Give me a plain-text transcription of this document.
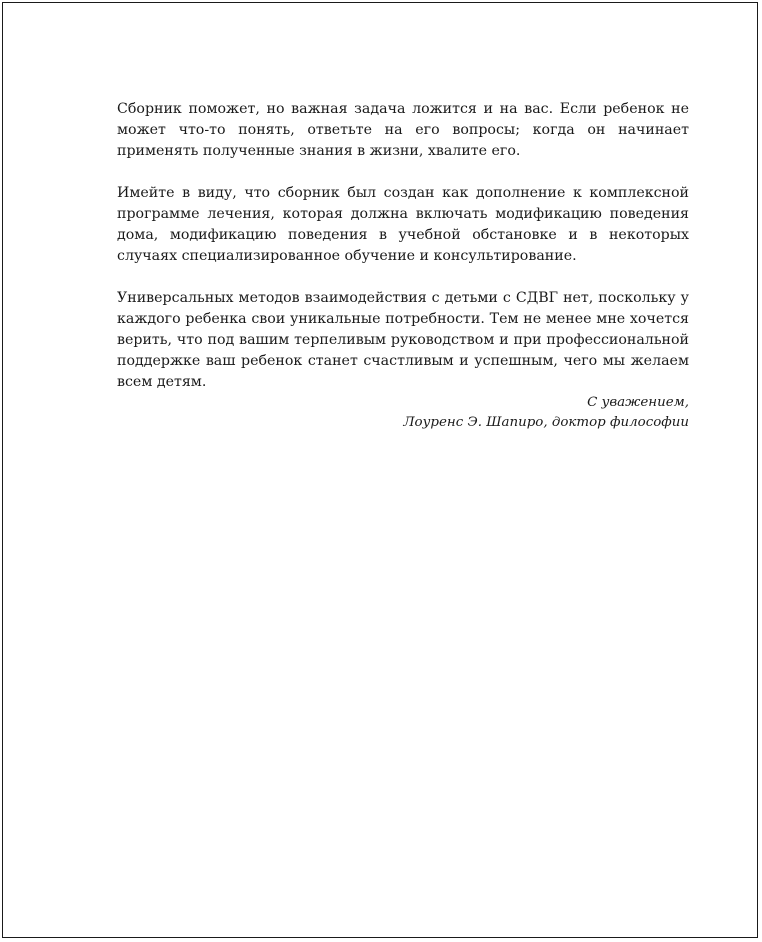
Сборник поможет, но важная задача ложится и на вас. Если ребенок не может что-то понять, ответьте на его вопросы; когда он начинает применять полученные знания в жизни, хвалите его.

Имейте в виду, что сборник был создан как дополнение к комплексной программе лечения, которая должна включать модификацию поведения дома, модификацию поведения в учебной обстановке и в некоторых случаях специализированное обучение и консультирование.

Универсальных методов взаимодействия с детьми с СДВГ нет, поскольку у каждого ребенка свои уникальные потребности. Тем не менее мне хочется верить, что под вашим терпеливым руководством и при профессиональной поддержке ваш ребенок станет счастливым и успешным, чего мы желаем всем детям.

С уважением,
Лоуренс Э. Шапиро, доктор философии
